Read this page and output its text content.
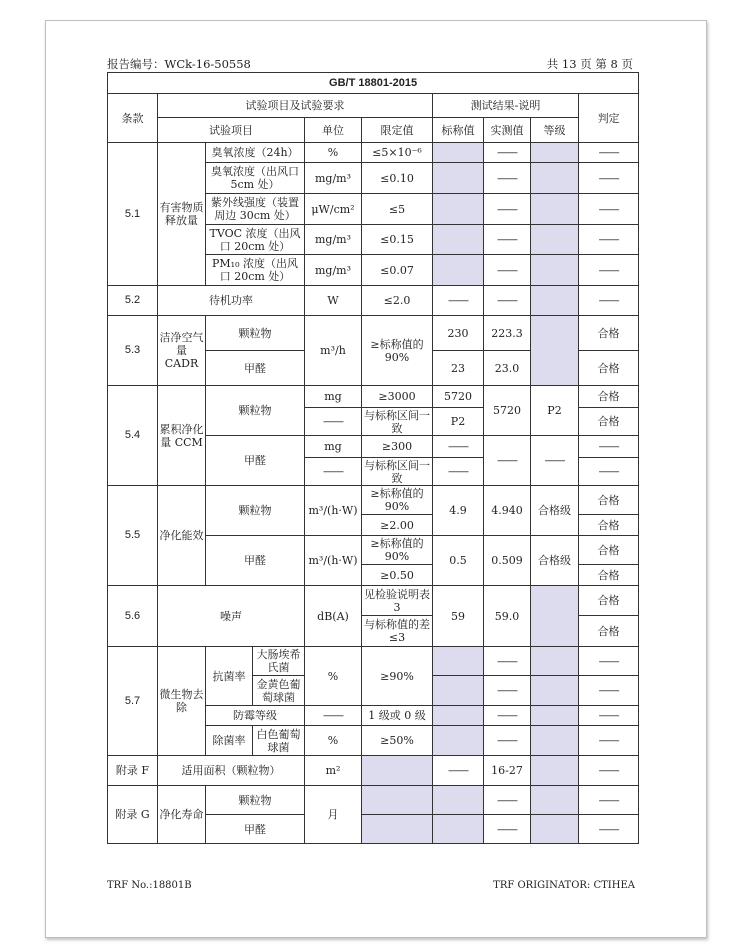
报告编号：WCk-16-50558	共 13 页 第 8 页
GB/T 18801-2015									
条款	试验项目及试验要求					测试结果-说明			判定
	试验项目			单位	限定值	标称值	实测值	等级	
5.1	有害物质释放量	臭氧浓度（24h）		%	≤5×10⁻⁶		——		——
		臭氧浓度（出风口 5cm 处）		mg/m³	≤0.10		——		——
		紫外线强度（装置周边 30cm 处）		μW/cm²	≤5		——		——
		TVOC 浓度（出风口 20cm 处）		mg/m³	≤0.15		——		——
		PM₁₀ 浓度（出风口 20cm 处）		mg/m³	≤0.07		——		——
5.2	待机功率			W	≤2.0	——	——		——
5.3	洁净空气量 CADR	颗粒物		m³/h	≥标称值的90%	230	223.3		合格
		甲醛				23	23.0		合格
5.4	累积净化量 CCM	颗粒物		mg	≥3000	5720	5720	P2	合格
				——	与标称区间一致	P2			合格
		甲醛		mg	≥300	——	——	——	——
				——	与标称区间一致	——			——
5.5	净化能效	颗粒物		m³/(h·W)	≥标称值的90%	4.9	4.940	合格级	合格
					≥2.00				合格
		甲醛		m³/(h·W)	≥标称值的90%	0.5	0.509	合格级	合格
					≥0.50				合格
5.6	噪声			dB(A)	见检验说明表 3	59	59.0		合格
					与标称值的差≤3				合格
5.7	微生物去除	抗菌率	大肠埃希氏菌	%	≥90%		——		——
			金黄色葡萄球菌				——		——
		防霉等级		——	1 级或 0 级		——		——
		除菌率	白色葡萄球菌	%	≥50%		——		——
附录 F	适用面积（颗粒物）			m²		——	16-27		——
附录 G	净化寿命	颗粒物		月			——		——
		甲醛					——		——
TRF No.:18801B	TRF ORIGINATOR: CTIHEA
